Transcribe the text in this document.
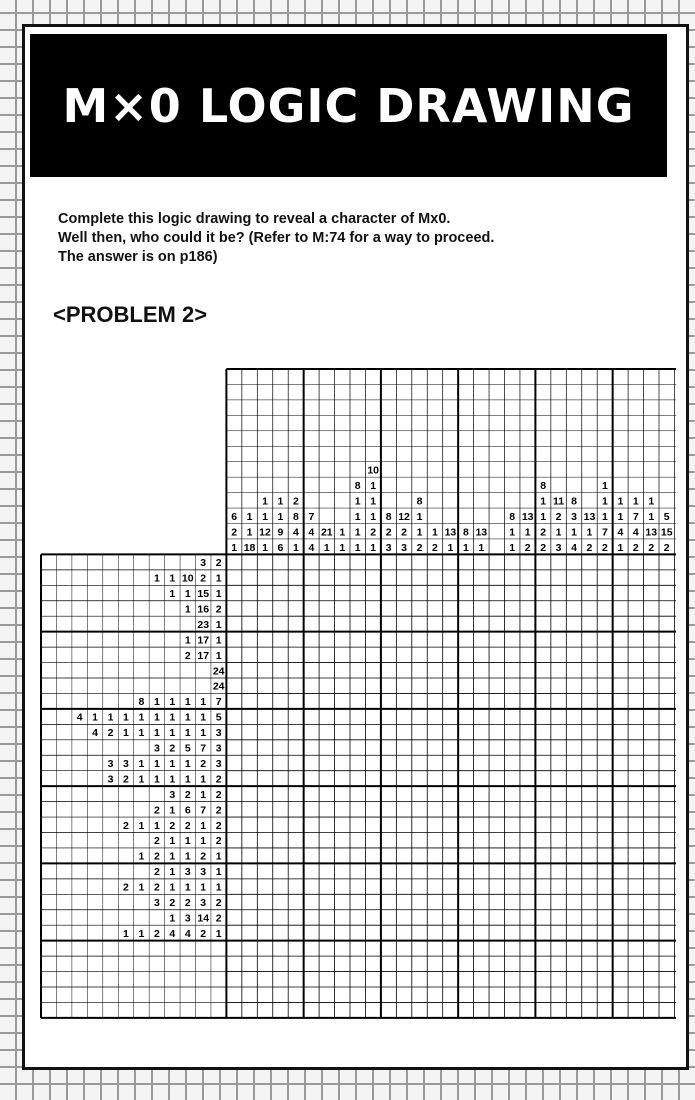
M×0 LOGIC DRAWING
Complete this logic drawing to reveal a character of Mx0.
Well then, who could it be? (Refer to M:74 for a way to proceed.
The answer is on p186)
<PROBLEM 2>
6
2
1
1
1
18
1
1
12
1
1
1
9
6
2
8
4
1
7
4
4
21
1
1
1
8
1
1
1
1
10
1
1
1
2
1
8
2
3
12
2
3
8
1
1
2
1
2
13
1
8
1
13
1
8
1
1
13
1
2
8
1
1
2
2
11
2
1
3
8
3
1
4
13
1
2
1
1
1
7
2
1
1
4
1
1
7
4
2
1
1
13
2
5
15
2
3 2
1 1 10 2 1
1 1 15 1
1 16 2
23 1
1 17 1
2 17 1
24
24
8 1 1 1 1 7
4 1 1 1 1 1 1 1 1 5
4 2 1 1 1 1 1 1 3
3 2 5 7 3
3 3 1 1 1 1 2 3
3 2 1 1 1 1 1 2
3 2 1 2
2 1 6 7 2
2 1 1 2 2 1 2
2 1 1 1 2
1 2 1 1 2 1
2 1 3 3 1
2 1 2 1 1 1 1
3 2 2 3 2
1 3 14 2
1 1 2 4 4 2 1
